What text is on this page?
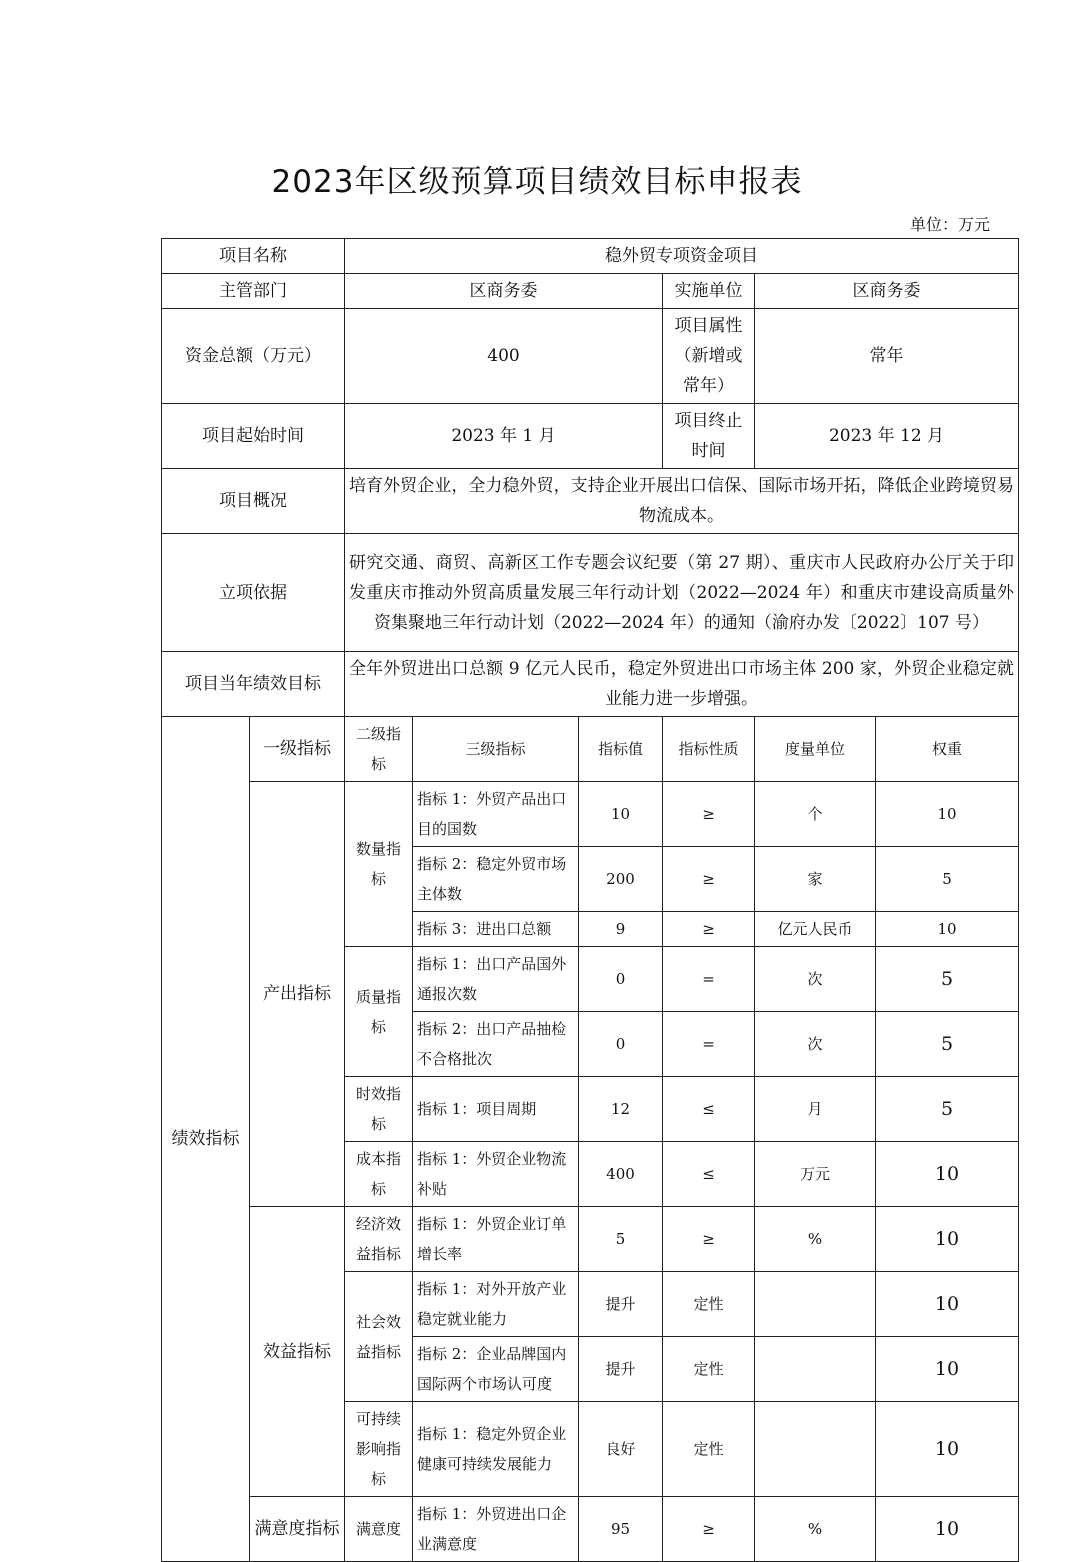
2023年区级预算项目绩效目标申报表
单位：万元
项目名称		稳外贸专项资金项目					
主管部门		区商务委			实施单位	区商务委	
资金总额（万元）		400			项目属性（新增或常年）	常年	
项目起始时间		2023 年 1 月			项目终止时间	2023 年 12 月	
项目概况		培育外贸企业，全力稳外贸，支持企业开展出口信保、国际市场开拓，降低企业跨境贸易物流成本。					
立项依据		研究交通、商贸、高新区工作专题会议纪要（第 27 期）、重庆市人民政府办公厅关于印发重庆市推动外贸高质量发展三年行动计划（2022—2024 年）和重庆市建设高质量外资集聚地三年行动计划（2022—2024 年）的通知（渝府办发〔2022〕107 号）					
项目当年绩效目标		全年外贸进出口总额 9 亿元人民币，稳定外贸进出口市场主体 200 家，外贸企业稳定就业能力进一步增强。					
绩效指标	一级指标	二级指标	三级指标	指标值	指标性质	度量单位	权重
	产出指标	数量指标	指标 1：外贸产品出口目的国数	10	≥	个	10
			指标 2：稳定外贸市场主体数	200	≥	家	5
			指标 3：进出口总额	9	≥	亿元人民币	10
		质量指标	指标 1：出口产品国外通报次数	0	=	次	5
			指标 2：出口产品抽检不合格批次	0	=	次	5
		时效指标	指标 1：项目周期	12	≤	月	5
		成本指标	指标 1：外贸企业物流补贴	400	≤	万元	10
	效益指标	经济效益指标	指标 1：外贸企业订单增长率	5	≥	%	10
		社会效益指标	指标 1：对外开放产业稳定就业能力	提升	定性		10
			指标 2：企业品牌国内国际两个市场认可度	提升	定性		10
		可持续影响指标	指标 1：稳定外贸企业健康可持续发展能力	良好	定性		10
	满意度指标	满意度	指标 1：外贸进出口企业满意度	95	≥	%	10
